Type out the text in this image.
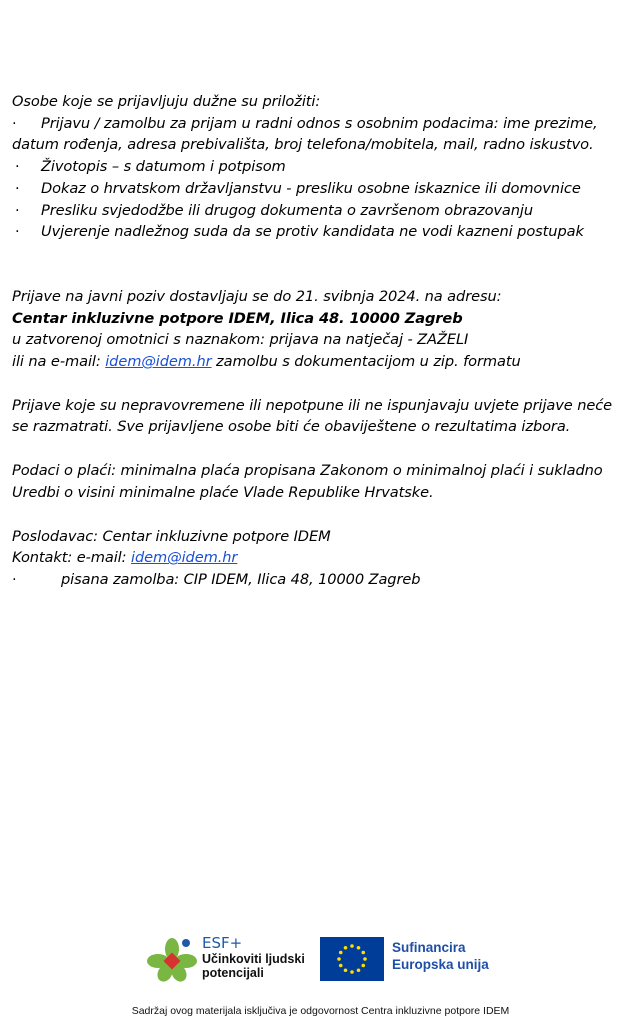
Osobe koje se prijavljuju dužne su priložiti:

· Prijavu / zamolbu za prijam u radni odnos s osobnim podacima: ime prezime, datum rođenja, adresa prebivališta, broj telefona/mobitela, mail, radno iskustvo.

· Životopis – s datumom i potpisom

· Dokaz o hrvatskom državljanstvu - presliku osobne iskaznice ili domovnice

· Presliku svjedodžbe ili drugog dokumenta o završenom obrazovanju

· Uvjerenje nadležnog suda da se protiv kandidata ne vodi kazneni postupak

Prijave na javni poziv dostavljaju se do 21. svibnja 2024. na adresu:

Centar inkluzivne potpore IDEM, Ilica 48. 10000 Zagreb

u zatvorenoj omotnici s naznakom: prijava na natječaj - ZAŽELI

ili na e-mail: idem@idem.hr zamolbu s dokumentacijom u zip. formatu

Prijave koje su nepravovremene ili nepotpune ili ne ispunjavaju uvjete prijave neće se razmatrati. Sve prijavljene osobe biti će obaviještene o rezultatima izbora.

Podaci o plaći: minimalna plaća propisana Zakonom o minimalnoj plaći i sukladno Uredbi o visini minimalne plaće Vlade Republike Hrvatske.

Poslodavac: Centar inkluzivne potpore IDEM

Kontakt: e-mail: idem@idem.hr

·	pisana zamolba: CIP IDEM, Ilica 48, 10000 Zagreb

ESF+
Učinkoviti ljudski
potencijali
Sufinancira
Europska unija
Sadržaj ovog materijala isključiva je odgovornost Centra inkluzivne potpore IDEM
